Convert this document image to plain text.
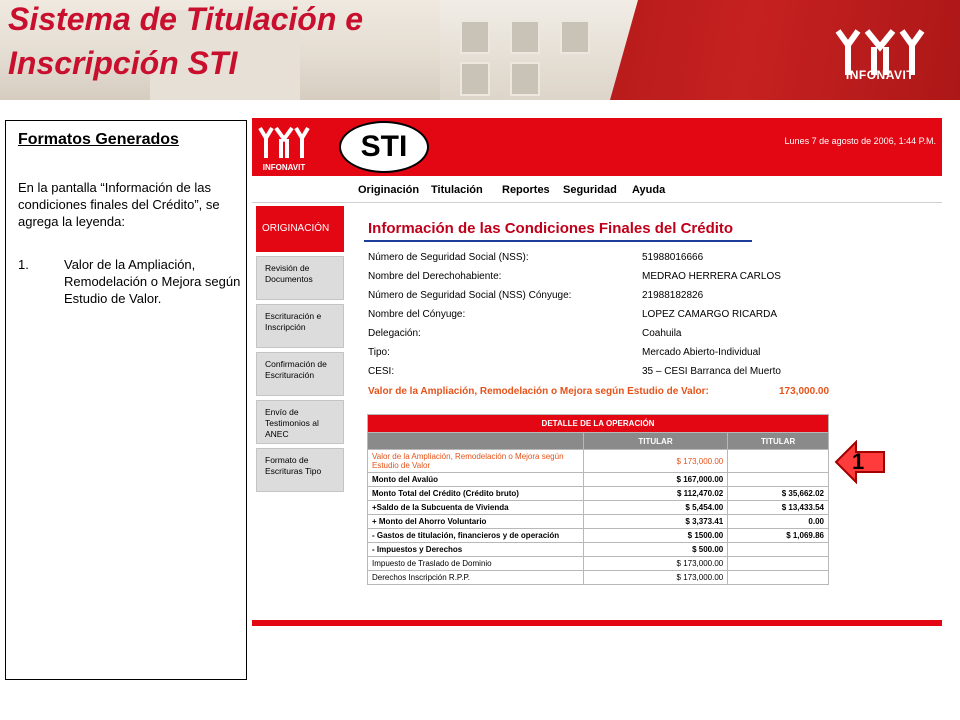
Sistema de Titulación e
Inscripción STI	INFONAVIT
Formatos Generados

En la pantalla “Información de las condiciones finales del Crédito”, se agrega la leyenda:

1.	Valor de la Ampliación, Remodelación o Mejora según Estudio de Valor.
INFONAVIT
STI	Lunes 7 de agosto de 2006, 1:44 P.M.
Originación Titulación Reportes Seguridad Ayuda
ORIGINACIÓN
Revisión de Documentos
Escrituración e Inscripción
Confirmación de Escrituración
Envío de Testimonios al ANEC
Formato de Escrituras Tipo
Información de las Condiciones Finales del Crédito
Número de Seguridad Social (NSS):	51988016666
Nombre del Derechohabiente:	MEDRAO HERRERA CARLOS
Número de Seguridad Social (NSS) Cónyuge:	21988182826
Nombre del Cónyuge:	LOPEZ CAMARGO RICARDA
Delegación:	Coahuila
Tipo:	Mercado Abierto-Individual
CESI:	35 – CESI Barranca del Muerto
Valor de la Ampliación, Remodelación o Mejora según Estudio de Valor:	173,000.00
DETALLE DE LA OPERACIÓN		
	TITULAR	TITULAR
Valor de la Ampliación, Remodelación o Mejora según Estudio de Valor	$ 173,000.00	
Monto del Avalúo	$ 167,000.00	
Monto Total del Crédito (Crédito bruto)	$ 112,470.02	$ 35,662.02
+Saldo de la Subcuenta de Vivienda	$ 5,454.00	$ 13,433.54
+ Monto del Ahorro Voluntario	$ 3,373.41	0.00
- Gastos de titulación, financieros y de operación	$ 1500.00	$ 1,069.86
- Impuestos y Derechos	$ 500.00	
Impuesto de Traslado de Dominio	$ 173,000.00	
Derechos Inscripción R.P.P.	$ 173,000.00	
1
